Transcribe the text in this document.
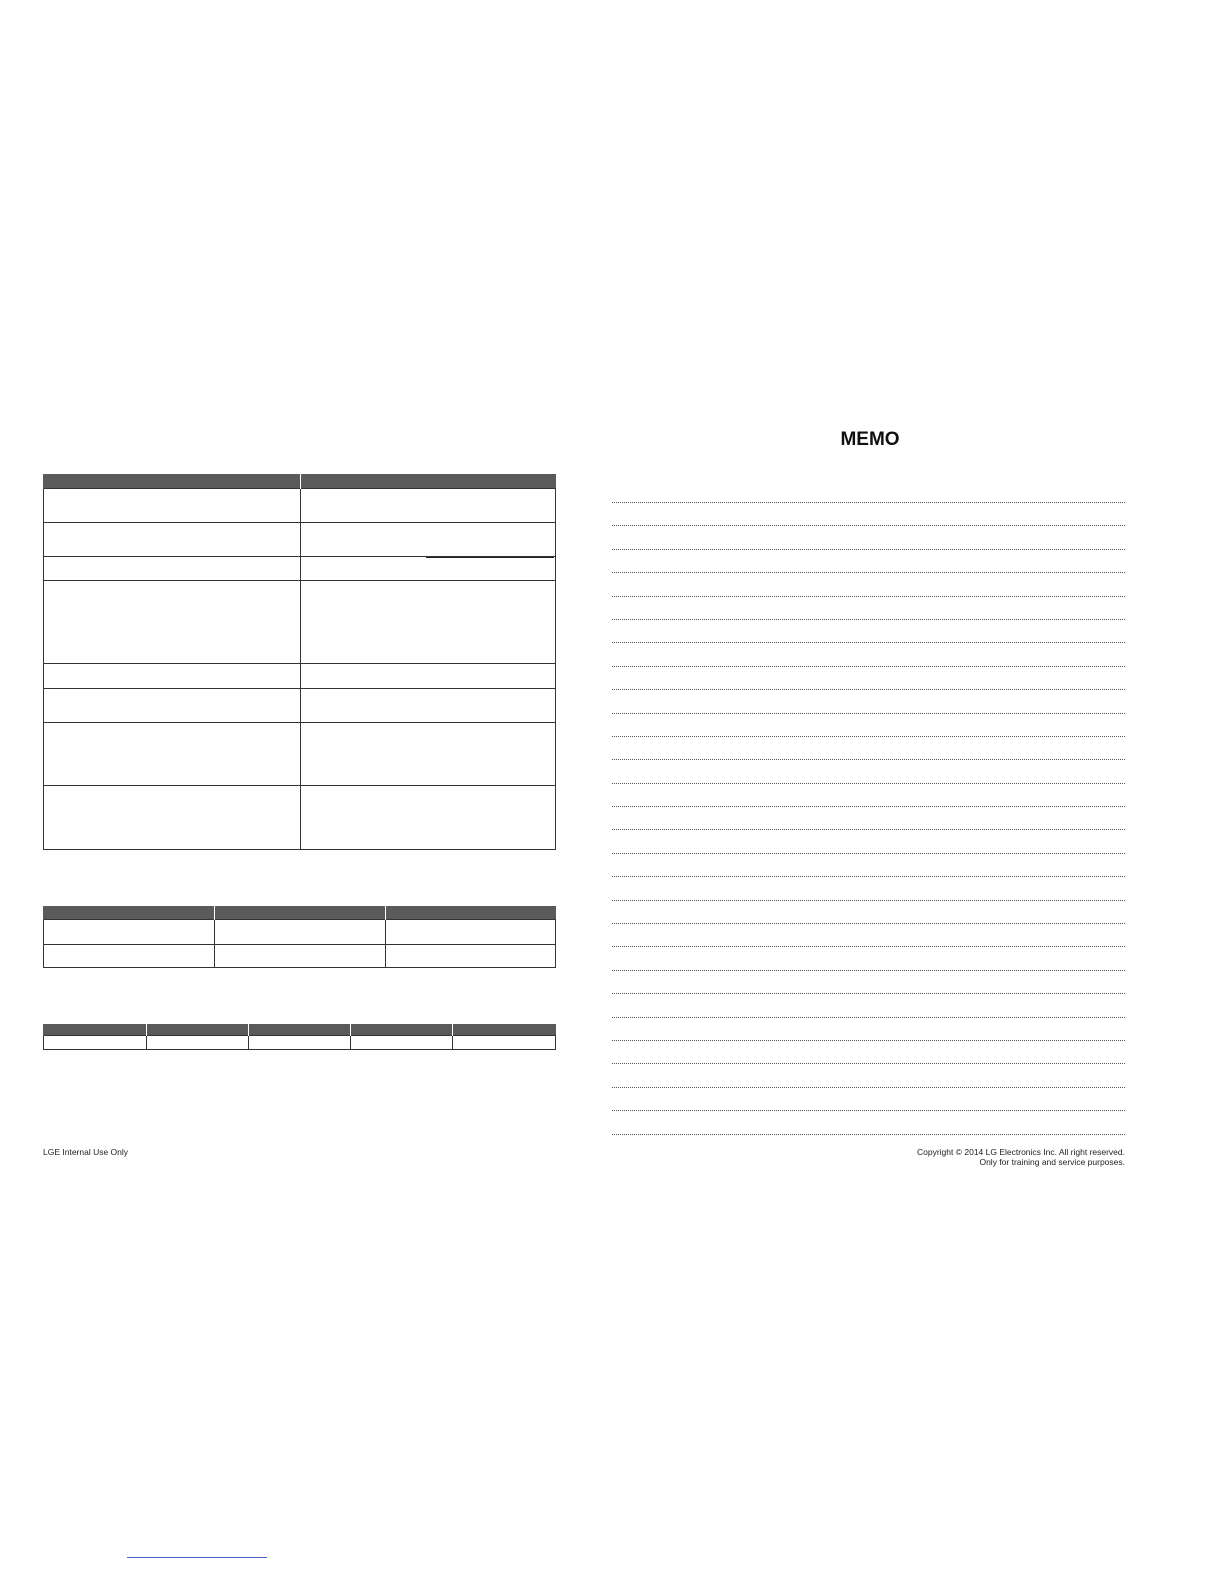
MEMO
LGE Internal Use Only	Copyright © 2014 LG Electronics Inc. All right reserved.
Only for training and service purposes.
